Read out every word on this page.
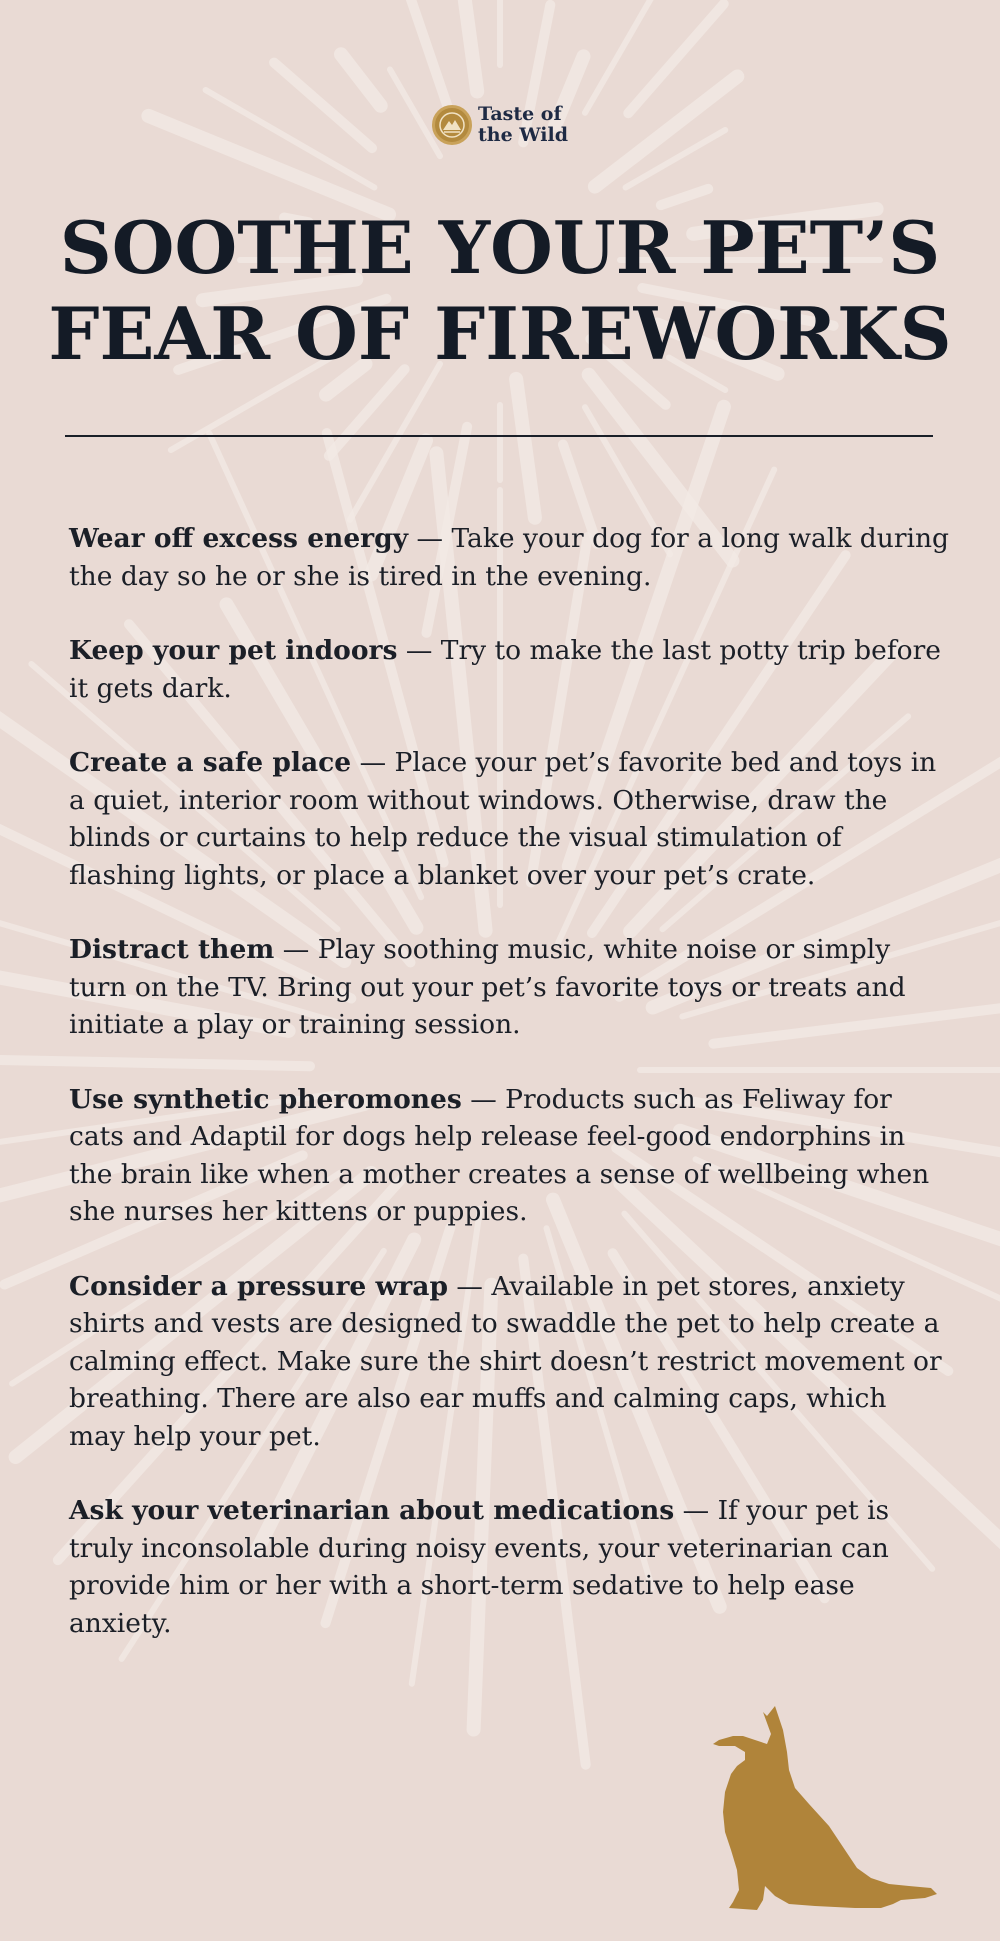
Taste of
the Wild
SOOTHE YOUR PET’S
FEAR OF FIREWORKS
Wear off excess energy — Take your dog for a long walk during the day so he or she is tired in the evening.
Keep your pet indoors — Try to make the last potty trip before it gets dark.
Create a safe place — Place your pet’s favorite bed and toys in a quiet, interior room without windows. Otherwise, draw the blinds or curtains to help reduce the visual stimulation of flashing lights, or place a blanket over your pet’s crate.
Distract them — Play soothing music, white noise or simply turn on the TV. Bring out your pet’s favorite toys or treats and initiate a play or training session.
Use synthetic pheromones — Products such as Feliway for cats and Adaptil for dogs help release feel-good endorphins in the brain like when a mother creates a sense of wellbeing when she nurses her kittens or puppies.
Consider a pressure wrap — Available in pet stores, anxiety shirts and vests are designed to swaddle the pet to help create a calming effect. Make sure the shirt doesn’t restrict movement or breathing. There are also ear muffs and calming caps, which may help your pet.
Ask your veterinarian about medications — If your pet is truly inconsolable during noisy events, your veterinarian can provide him or her with a short-term sedative to help ease anxiety.
